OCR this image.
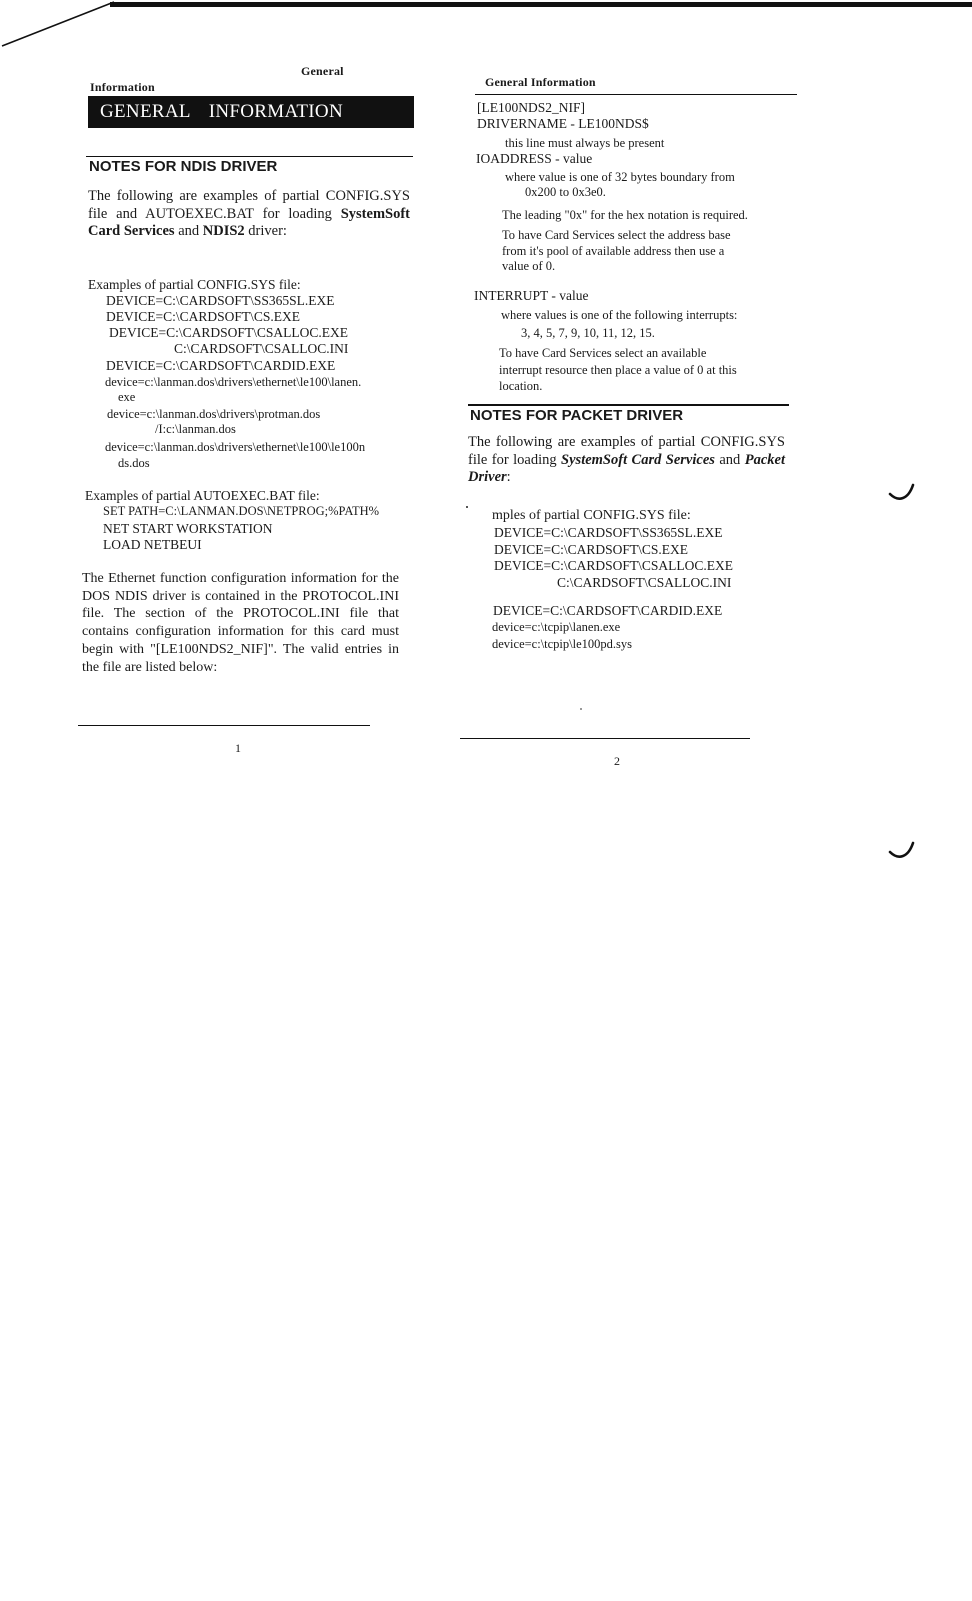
General
Information
GENERAL INFORMATION
NOTES FOR NDIS DRIVER
The following are examples of partial CONFIG.SYS file and AUTOEXEC.BAT for loading SystemSoft Card Services and NDIS2 driver:
Examples of partial CONFIG.SYS file:
DEVICE=C:\CARDSOFT\SS365SL.EXE
DEVICE=C:\CARDSOFT\CS.EXE
DEVICE=C:\CARDSOFT\CSALLOC.EXE
C:\CARDSOFT\CSALLOC.INI
DEVICE=C:\CARDSOFT\CARDID.EXE
device=c:\lanman.dos\drivers\ethernet\le100\lanen.
exe
device=c:\lanman.dos\drivers\protman.dos
/I:c:\lanman.dos
device=c:\lanman.dos\drivers\ethernet\le100\le100n
ds.dos
Examples of partial AUTOEXEC.BAT file:
SET PATH=C:\LANMAN.DOS\NETPROG;%PATH%
NET START WORKSTATION
LOAD NETBEUI
The Ethernet function configuration information for the DOS NDIS driver is contained in the PROTOCOL.INI file. The section of the PROTOCOL.INI file that contains configuration information for this card must begin with "[LE100NDS2_NIF]". The valid entries in the file are listed below:
1
General Information
[LE100NDS2_NIF]
DRIVERNAME - LE100NDS$
this line must always be present
IOADDRESS - value
where value is one of 32 bytes boundary from
0x200 to 0x3e0.
The leading "0x" for the hex notation is required.
To have Card Services select the address base
from it's pool of available address then use a
value of 0.
INTERRUPT - value
where values is one of the following interrupts:
3, 4, 5, 7, 9, 10, 11, 12, 15.
To have Card Services select an available
interrupt resource then place a value of 0 at this
location.
NOTES FOR PACKET DRIVER
The following are examples of partial CONFIG.SYS file for loading SystemSoft Card Services and Packet Driver:
mples of partial CONFIG.SYS file:
DEVICE=C:\CARDSOFT\SS365SL.EXE
DEVICE=C:\CARDSOFT\CS.EXE
DEVICE=C:\CARDSOFT\CSALLOC.EXE
C:\CARDSOFT\CSALLOC.INI
DEVICE=C:\CARDSOFT\CARDID.EXE
device=c:\tcpip\lanen.exe
device=c:\tcpip\le100pd.sys
2
